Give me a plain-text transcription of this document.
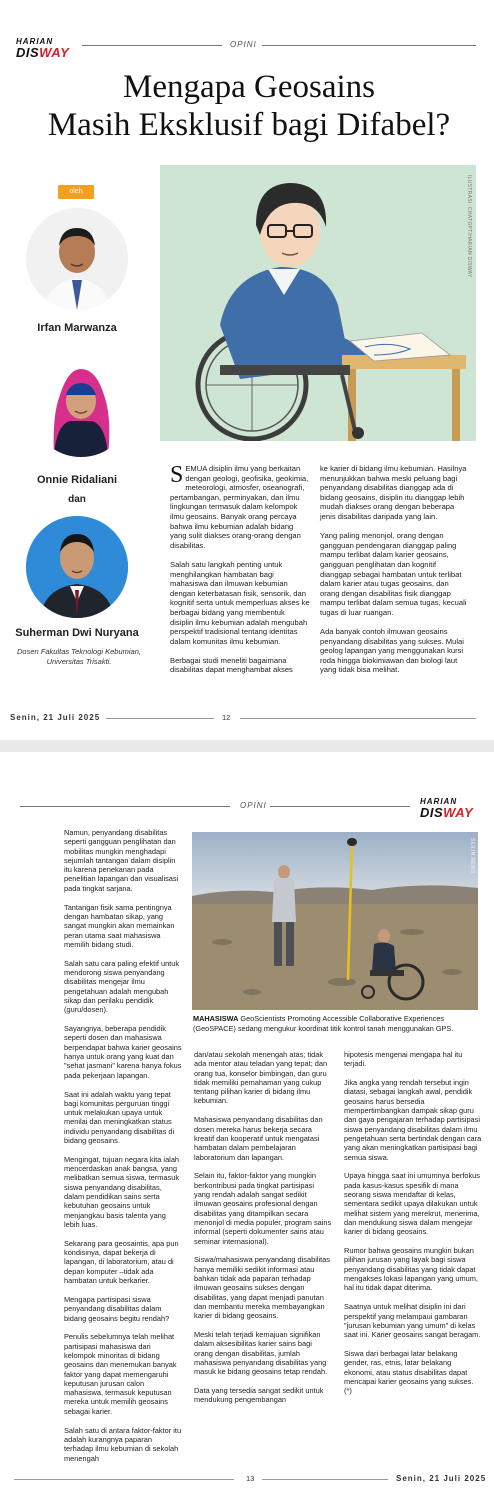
HARIAN
DISWAY
OPINI
Mengapa Geosains
Masih Eksklusif bagi Difabel?
oleh
Irfan Marwanza
Onnie Ridaliani
dan
Suherman Dwi Nuryana
Dosen Fakultas Teknologi Kebumian,
Universitas Trisakti.
ILUSTRASI: CHATGPT/HARIAN DISWAY

SEMUA disiplin ilmu yang berkaitan dengan geologi, geofisika, geokimia, meteorologi, atmosfer, oseanografi, pertambangan, perminyakan, dan ilmu lingkungan termasuk dalam kelompok ilmu geosains. Banyak orang percaya bahwa ilmu kebumian adalah bidang yang sulit diakses orang-orang dengan disabilitas.

Salah satu langkah penting untuk menghilangkan hambatan bagi mahasiswa dan ilmuwan kebumian dengan keterbatasan fisik, sensorik, dan kognitif serta untuk memperluas akses ke berbagai bidang yang membentuk disiplin ilmu kebumian adalah mengubah perspektif tradisional tentang identitas dalam komunitas ilmu kebumian.

Berbagai studi meneliti bagaimana disabilitas dapat menghambat akses

ke karier di bidang ilmu kebumian. Hasilnya menunjukkan bahwa meski peluang bagi penyandang disabilitas dianggap ada di bidang geosains, disiplin itu dianggap lebih mudah diakses orang dengan beberapa jenis disabilitas daripada yang lain.

Yang paling menonjol, orang dengan gangguan pendengaran dianggap paling mampu terlibat dalam karier geosains, gangguan penglihatan dan kognitif dianggap sebagai hambatan untuk terlibat dalam karier atau tugas geosains, dan orang dengan disabilitas fisik dianggap mampu terlibat dalam semua tugas, kecuali tugas di luar ruangan.

Ada banyak contoh ilmuwan geosains penyandang disabilitas yang sukses. Mulai geolog lapangan yang menggunakan kursi roda hingga biokimiawan dan biologi laut yang tidak bisa melihat.

Senin, 21 Juli 2025	12
OPINI	HARIAN
DISWAY
SEILIN.NEWS
MAHASISWA GeoScientists Promoting Accessible Collaborative Experiences (GeoSPACE) sedang mengukur koordinat titik kontrol tanah menggunakan GPS.

Namun, penyandang disabilitas seperti gangguan penglihatan dan mobilitas mungkin menghadapi sejumlah tantangan dalam disiplin itu karena penekanan pada penelitian lapangan dan visualisasi pada tingkat sarjana.

Tantangan fisik sama pentingnya dengan hambatan sikap, yang sangat mungkin akan memainkan peran utama saat mahasiswa memilih bidang studi.

Salah satu cara paling efektif untuk mendorong siswa penyandang disabilitas mengejar ilmu pengetahuan adalah mengubah sikap dan perilaku pendidik (guru/dosen).

Sayangnya, beberapa pendidik seperti dosen dan mahasiswa berpendapat bahwa karier geosains hanya untuk orang yang kuat dan "sehat jasmani" karena hanya fokus pada pekerjaan lapangan.

Saat ini adalah waktu yang tepat bagi komunitas perguruan tinggi untuk melakukan upaya untuk menilai dan meningkatkan status individu penyandang disabilitas di bidang geosains.

Mengingat, tujuan negara kita ialah mencerdaskan anak bangsa, yang melibatkan semua siswa, termasuk siswa penyandang disabilitas, dalam pendidikan sains serta kebutuhan geosains untuk menjangkau basis talenta yang lebih luas.

Sekarang para geosaintis, apa pun kondisinya, dapat bekerja di lapangan, di laboratorium, atau di depan komputer –tidak ada hambatan untuk berkarier.

Mengapa partisipasi siswa penyandang disabilitas dalam bidang geosains begitu rendah?

Penulis sebelumnya telah melihat partisipasi mahasiswa dari kelompok minoritas di bidang geosains dan menemukan banyak faktor yang dapat memengaruhi keputusan jurusan calon mahasiswa, termasuk keputusan mereka untuk memilih geosains sebagai karier.

Salah satu di antara faktor-faktor itu adalah kurangnya paparan terhadap ilmu kebumian di sekolah menengah

dan/atau sekolah menengah atas; tidak ada mentor atau teladan yang tepat; dan orang tua, konselor bimbingan, dan guru tidak memiliki pemahaman yang cukup tentang pilihan karier di bidang ilmu kebumian.

Mahasiswa penyandang disabilitas dan dosen mereka harus bekerja secara kreatif dan kooperatif untuk mengatasi hambatan dalam pembelajaran laboratorium dan lapangan.

Selain itu, faktor-faktor yang mungkin berkontribusi pada tingkat partisipasi yang rendah adalah sangat sedikit ilmuwan geosains profesional dengan disabilitas yang ditampilkan secara menonjol di media populer, program sains informal (seperti dokumenter sains atau seminar internasional).

Siswa/mahasiswa penyandang disabilitas hanya memiliki sedikit informasi atau bahkan tidak ada paparan terhadap ilmuwan geosains sukses dengan disabilitas, yang dapat menjadi panutan dan membantu mereka membayangkan karier di bidang geosains.

Meski telah terjadi kemajuan signifikan dalam aksesibilitas karier sains bagi orang dengan disabilitas, jumlah mahasiswa penyandang disabilitas yang masuk ke bidang geosains tetap rendah.

Data yang tersedia sangat sedikit untuk mendukung pengembangan

hipotesis mengenai mengapa hal itu terjadi.

Jika angka yang rendah tersebut ingin diatasi, sebagai langkah awal, pendidik geosains harus bersedia mempertimbangkan dampak sikap guru dan gaya pengajaran terhadap partisipasi siswa penyandang disabilitas dalam ilmu pengetahuan serta bertindak dengan cara yang akan meningkatkan partisipasi bagi semua siswa.

Upaya hingga saat ini umumnya berfokus pada kasus-kasus spesifik di mana seorang siswa mendaftar di kelas, sementara sedikit upaya dilakukan untuk melihat sistem yang merekrut, menerima, dan mendukung siswa dalam mengejar karier di bidang geosains.

Rumor bahwa geosains mungkin bukan pilihan jurusan yang layak bagi siswa penyandang disabilitas yang tidak dapat mengakses lokasi lapangan yang umum, hal itu tidak dapat diterima.

Saatnya untuk melihat disiplin ini dari perspektif yang melampaui gambaran "jurusan kebumian yang umum" di kelas saat ini. Karier geosains sangat beragam.

Siswa dari berbagai latar belakang gender, ras, etnis, latar belakang ekonomi, atau status disabilitas dapat mencapai karier geosains yang sukses. (*)

13	Senin, 21 Juli 2025
